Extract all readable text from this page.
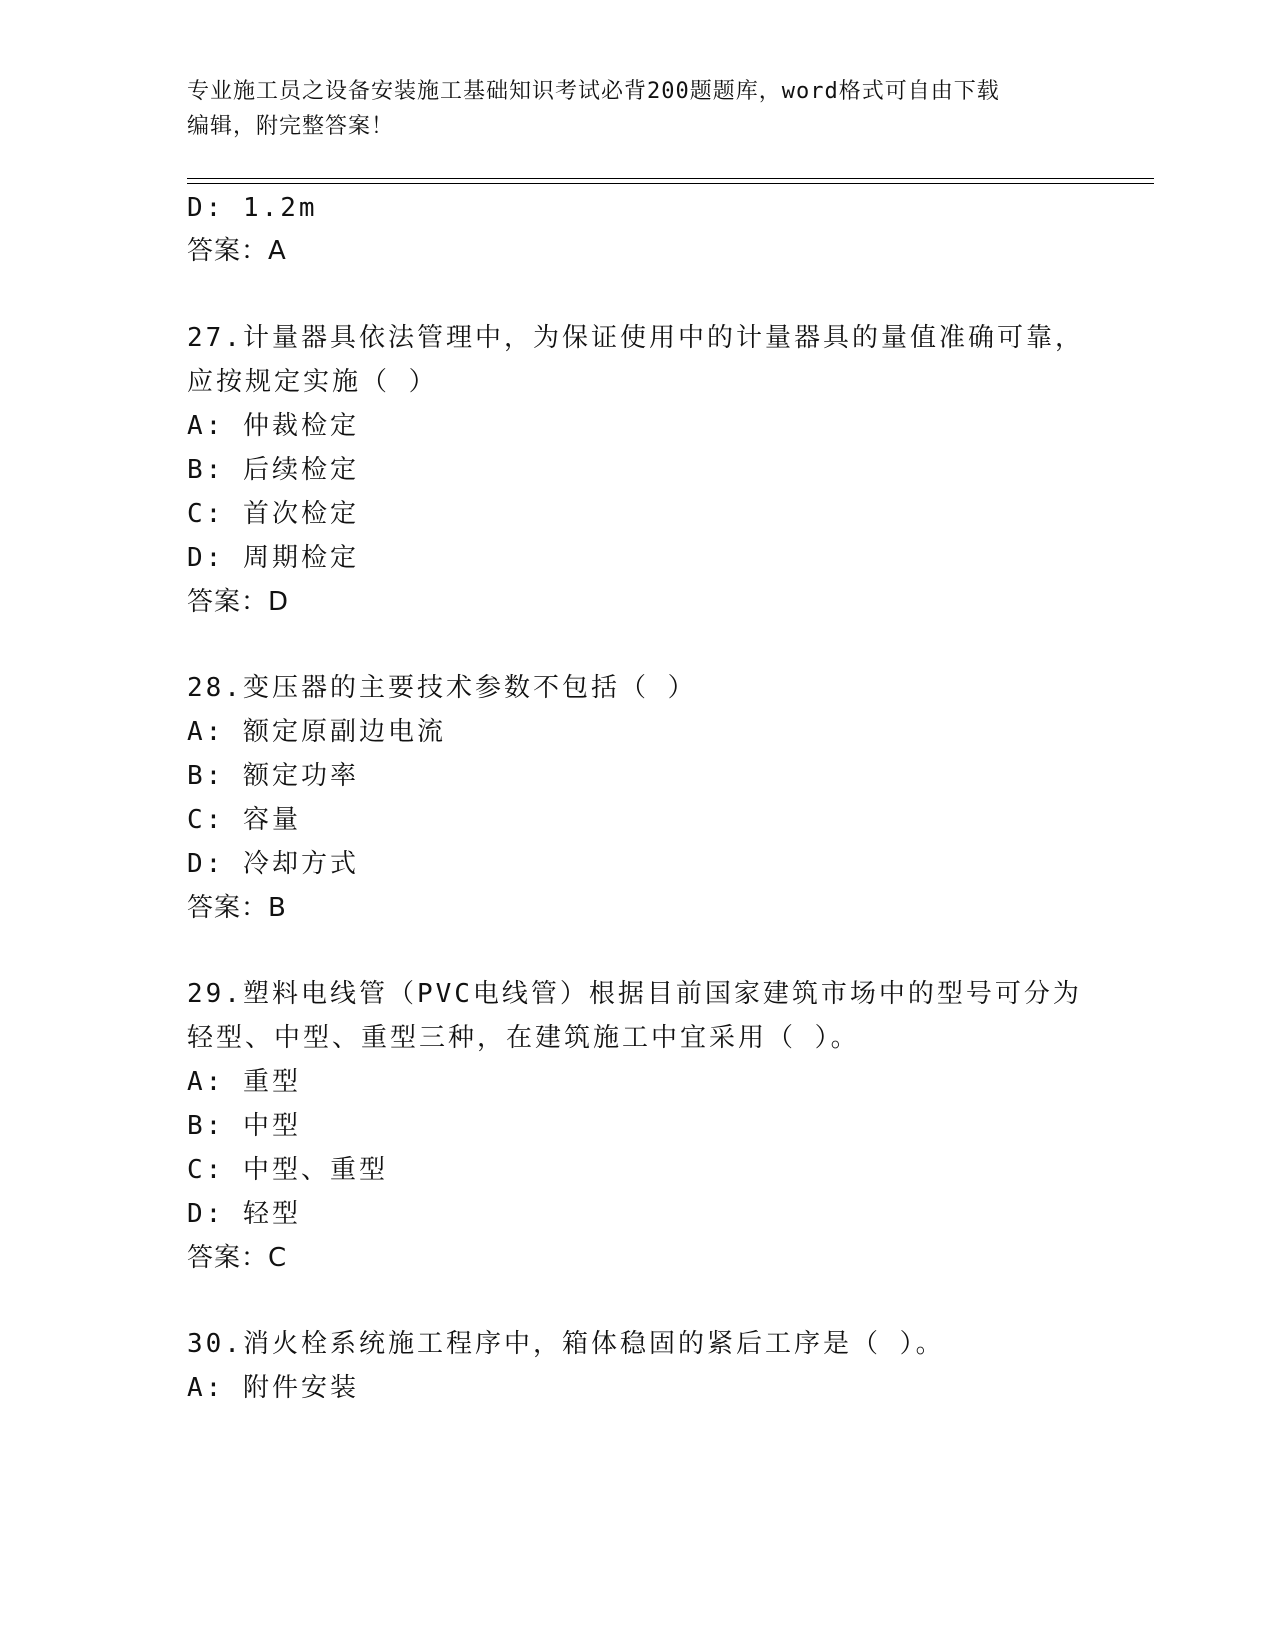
专业施工员之设备安装施工基础知识考试必背200题题库，word格式可自由下载
编辑，附完整答案！
D: 1.2m
答案：A
27.计量器具依法管理中，为保证使用中的计量器具的量值准确可靠，
应按规定实施（ ）
A: 仲裁检定
B: 后续检定
C: 首次检定
D: 周期检定
答案：D
28.变压器的主要技术参数不包括（ ）
A: 额定原副边电流
B: 额定功率
C: 容量
D: 冷却方式
答案：B
29.塑料电线管（PVC电线管）根据目前国家建筑市场中的型号可分为
轻型、中型、重型三种，在建筑施工中宜采用（ ）。
A: 重型
B: 中型
C: 中型、重型
D: 轻型
答案：C
30.消火栓系统施工程序中，箱体稳固的紧后工序是（ ）。
A: 附件安装
